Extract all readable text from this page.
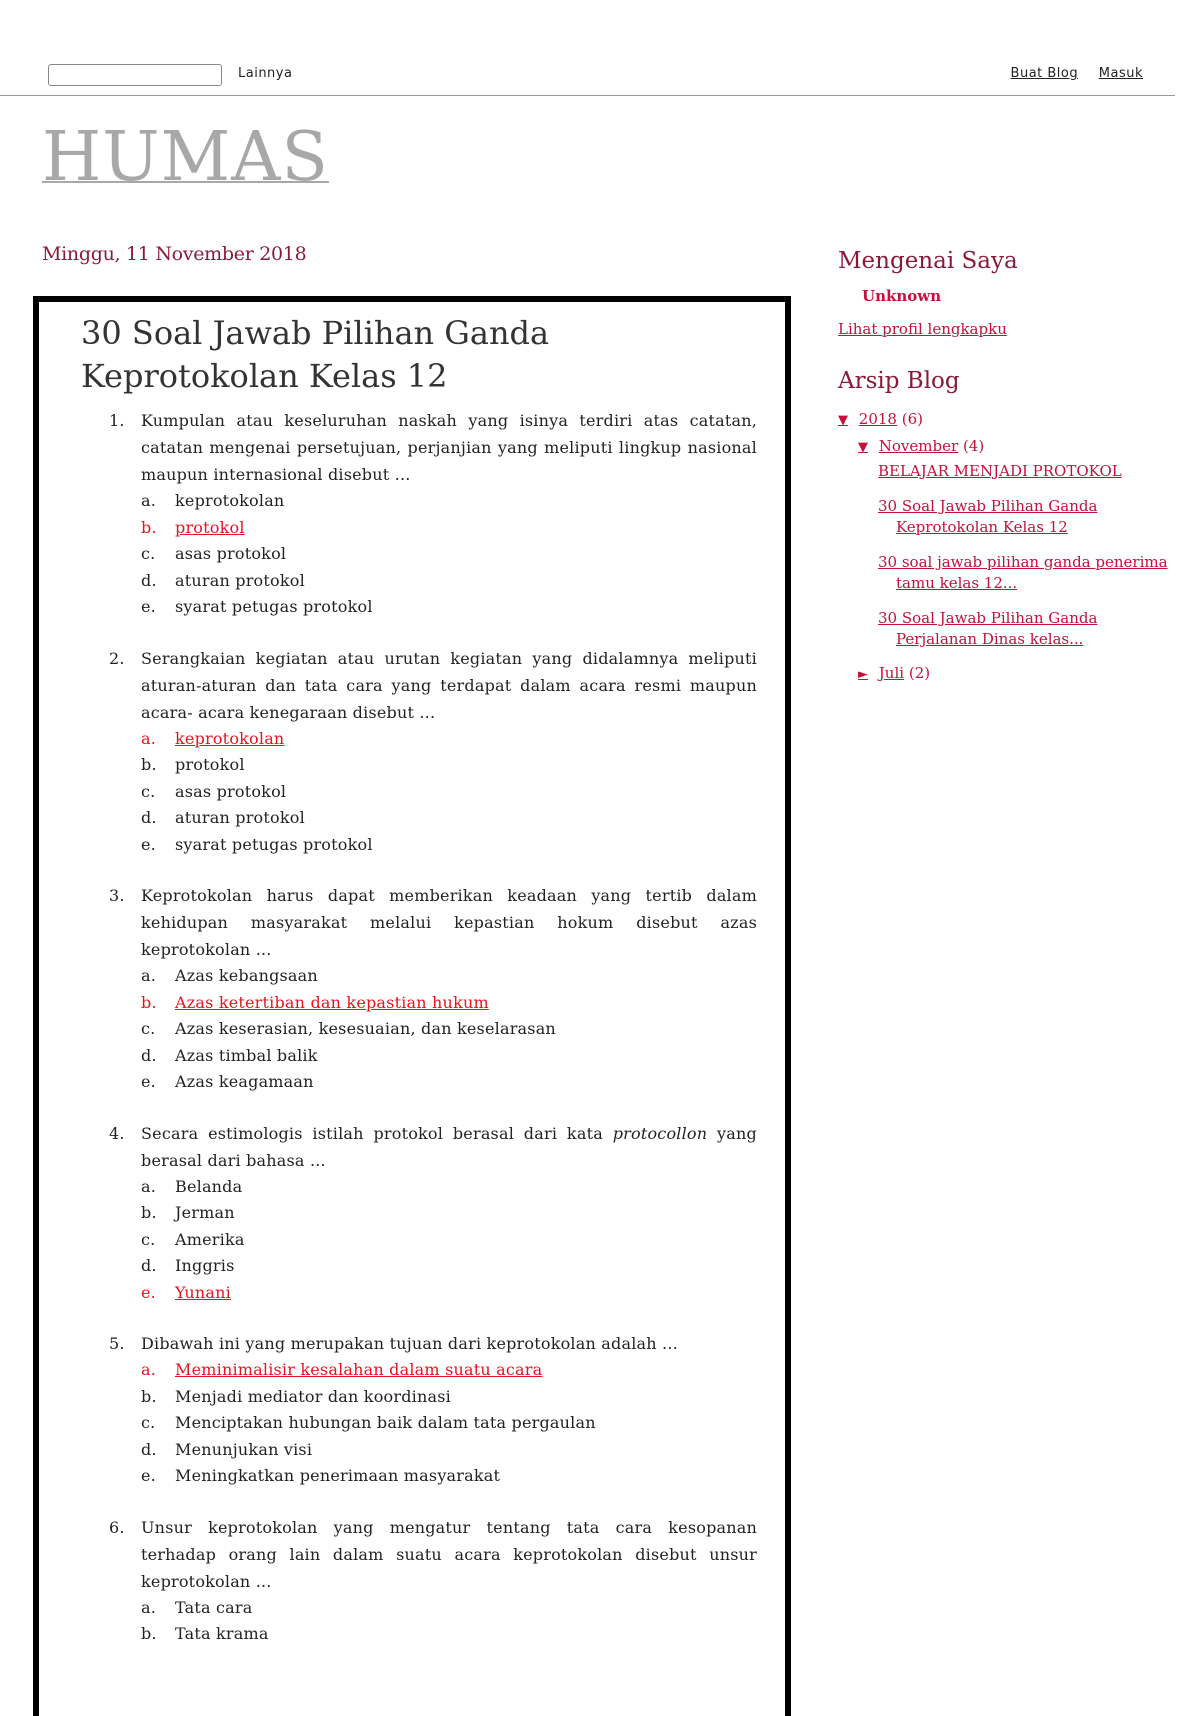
Lainnya	Buat Blog Masuk
HUMAS
Minggu, 11 November 2018
30 Soal Jawab Pilihan Ganda Keprotokolan Kelas 12
1.	Kumpulan atau keseluruhan naskah yang isinya terdiri atas catatan, catatan mengenai persetujuan, perjanjian yang meliputi lingkup nasional maupun internasional disebut ...
a.	keprotokolan
b.	protokol
c.	asas protokol
d.	aturan protokol
e.	syarat petugas protokol
2.	Serangkaian kegiatan atau urutan kegiatan yang didalamnya meliputi aturan-aturan dan tata cara yang terdapat dalam acara resmi maupun acara- acara kenegaraan disebut ...
a.	keprotokolan
b.	protokol
c.	asas protokol
d.	aturan protokol
e.	syarat petugas protokol
3.	Keprotokolan harus dapat memberikan keadaan yang tertib dalam kehidupan masyarakat melalui kepastian hokum disebut azas keprotokolan ...
a.	Azas kebangsaan
b.	Azas ketertiban dan kepastian hukum
c.	Azas keserasian, kesesuaian, dan keselarasan
d.	Azas timbal balik
e.	Azas keagamaan
4.	Secara estimologis istilah protokol berasal dari kata protocollon yang berasal dari bahasa ...
a.	Belanda
b.	Jerman
c.	Amerika
d.	Inggris
e.	Yunani
5.	Dibawah ini yang merupakan tujuan dari keprotokolan adalah ...
a.	Meminimalisir kesalahan dalam suatu acara
b.	Menjadi mediator dan koordinasi
c.	Menciptakan hubungan baik dalam tata pergaulan
d.	Menunjukan visi
e.	Meningkatkan penerimaan masyarakat
6.	Unsur keprotokolan yang mengatur tentang tata cara kesopanan terhadap orang lain dalam suatu acara keprotokolan disebut unsur keprotokolan ...
a.	Tata cara
b.	Tata krama
Mengenai Saya
Unknown
Lihat profil lengkapku
Arsip Blog
▼ 2018 (6)
▼ November (4)
BELAJAR MENJADI PROTOKOL
30 Soal Jawab Pilihan Ganda Keprotokolan Kelas 12
30 soal jawab pilihan ganda penerima tamu kelas 12...
30 Soal Jawab Pilihan Ganda Perjalanan Dinas kelas...
► Juli (2)
